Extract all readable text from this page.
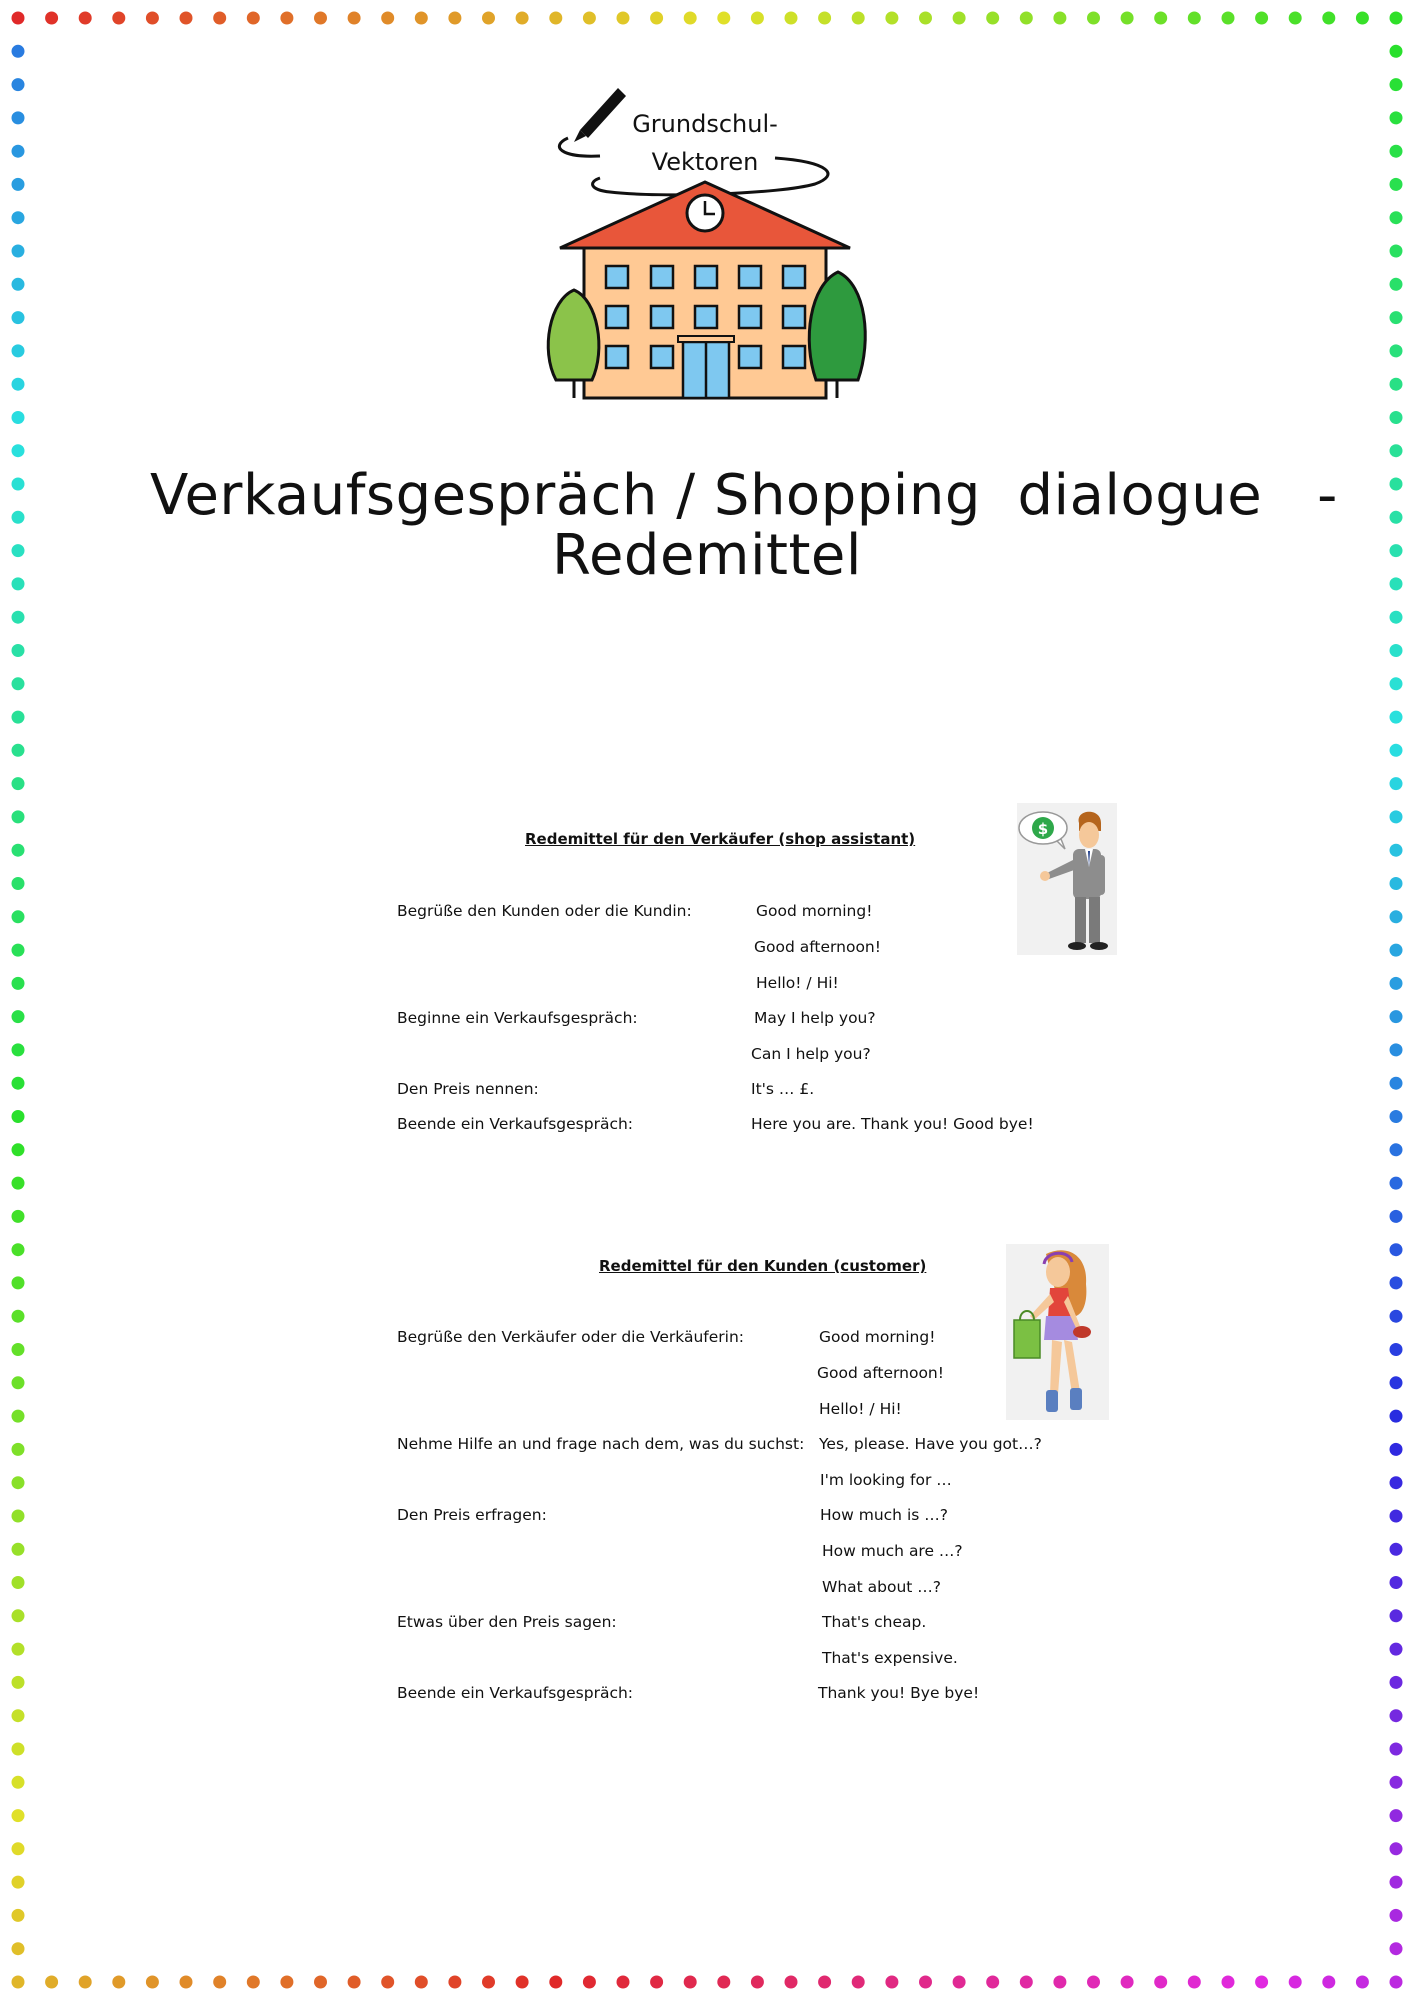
Grundschul-
Vektoren
Verkaufsgespräch / Shopping  dialogue   -
Redemittel
Redemittel für den Verkäufer (shop assistant)
Begrüße den Kunden oder die Kundin:
Beginne ein Verkaufsgespräch:
Den Preis nennen:
Beende ein Verkaufsgespräch:
Good morning!
Good afternoon!
Hello! / Hi!
May I help you?
Can I help you?
It's … £.
Here you are. Thank you! Good bye!
$
Redemittel für den Kunden (customer)
Begrüße den Verkäufer oder die Verkäuferin:
Nehme Hilfe an und frage nach dem, was du suchst:
Den Preis erfragen:
Etwas über den Preis sagen:
Beende ein Verkaufsgespräch:
Good morning!
Good afternoon!
Hello! / Hi!
Yes, please. Have you got…?
I'm looking for …
How much is …?
How much are …?
What about …?
That's cheap.
That's expensive.
Thank you! Bye bye!
